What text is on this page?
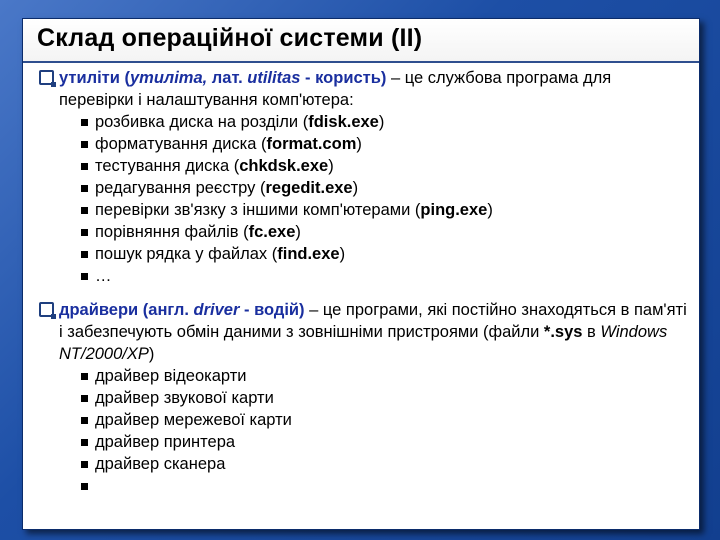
Склад операційної системи (II)
утиліти (утиліта, лат. utilitas - користь) – це службова програма для перевірки і налаштування комп'ютера:
розбивка диска на розділи (fdisk.exe)
форматування диска (format.com)
тестування диска (chkdsk.exe)
редагування реєстру (regedit.exe)
перевірки зв'язку з іншими комп'ютерами (ping.exe)
порівняння файлів (fc.exe)
пошук рядка у файлах (find.exe)
…
драйвери (англ. driver - водій) – це програми, які постійно знаходяться в пам'яті і забезпечують обмін даними з зовнішніми пристроями (файли *.sys в Windows NT/2000/XP)
драйвер відеокарти
драйвер звукової карти
драйвер мережевої карти
драйвер принтера
драйвер сканера
